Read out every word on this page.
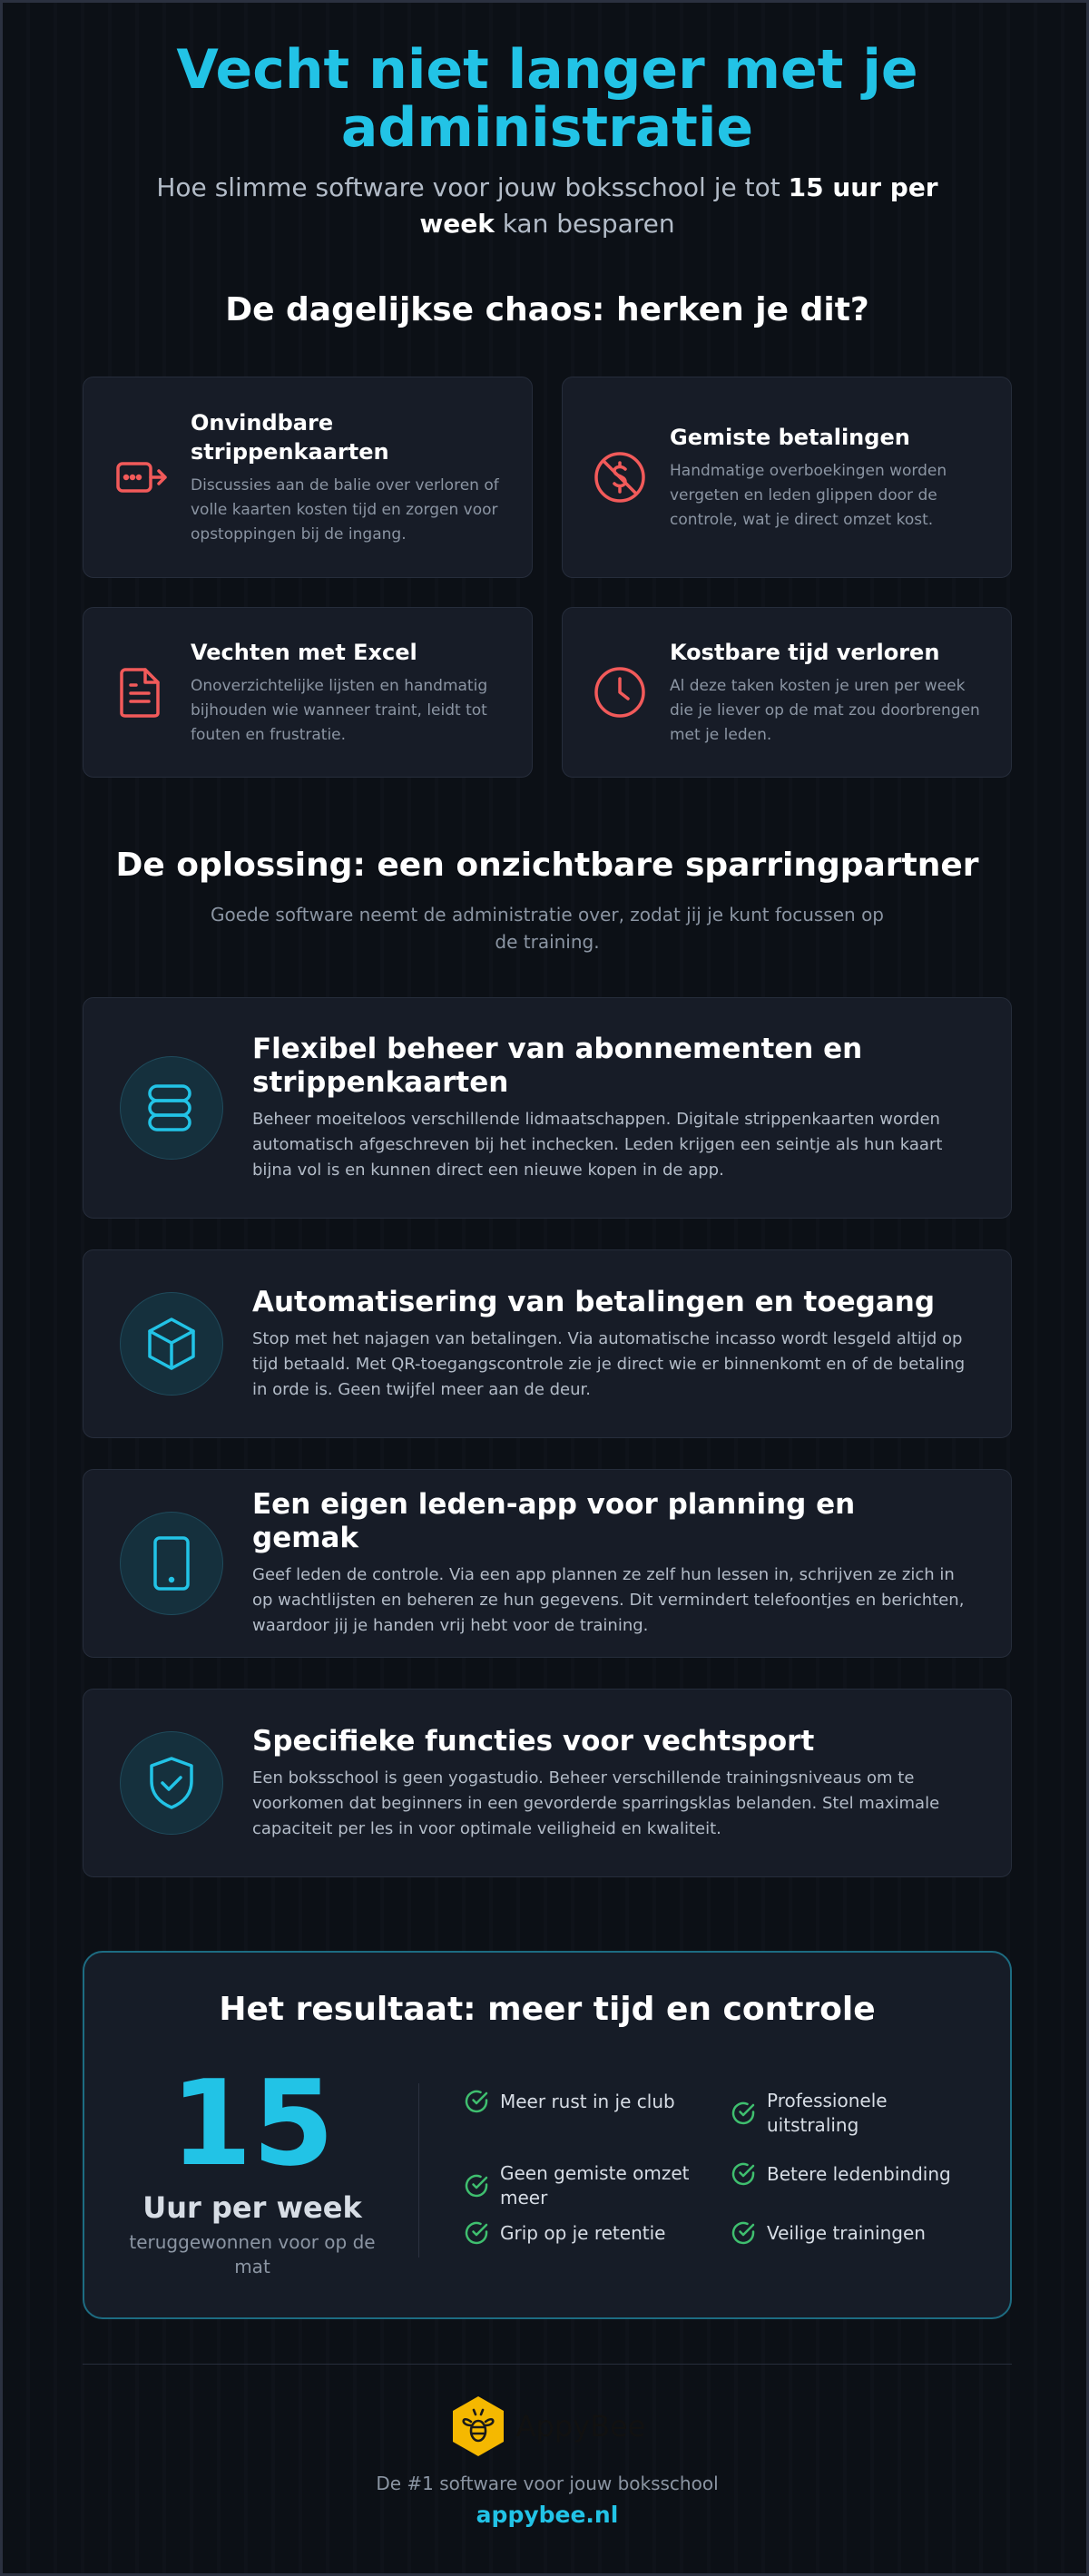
Vecht niet langer met je administratie

Hoe slimme software voor jouw boksschool je tot 15 uur per week kan besparen

De dagelijkse chaos: herken je dit?
Onvindbare strippenkaarten
Discussies aan de balie over verloren of volle kaarten kosten tijd en zorgen voor opstoppingen bij de ingang.
Gemiste betalingen
Handmatige overboekingen worden vergeten en leden glippen door de controle, wat je direct omzet kost.
Vechten met Excel
Onoverzichtelijke lijsten en handmatig bijhouden wie wanneer traint, leidt tot fouten en frustratie.
Kostbare tijd verloren
Al deze taken kosten je uren per week die je liever op de mat zou doorbrengen met je leden.
De oplossing: een onzichtbare sparringpartner

Goede software neemt de administratie over, zodat jij je kunt focussen op de training.

Flexibel beheer van abonnementen en strippenkaarten
Beheer moeiteloos verschillende lidmaatschappen. Digitale strippenkaarten worden automatisch afgeschreven bij het inchecken. Leden krijgen een seintje als hun kaart bijna vol is en kunnen direct een nieuwe kopen in de app.
Automatisering van betalingen en toegang
Stop met het najagen van betalingen. Via automatische incasso wordt lesgeld altijd op tijd betaald. Met QR-toegangscontrole zie je direct wie er binnenkomt en of de betaling in orde is. Geen twijfel meer aan de deur.
Een eigen leden-app voor planning en gemak
Geef leden de controle. Via een app plannen ze zelf hun lessen in, schrijven ze zich in op wachtlijsten en beheren ze hun gegevens. Dit vermindert telefoontjes en berichten, waardoor jij je handen vrij hebt voor de training.
Specifieke functies voor vechtsport
Een boksschool is geen yogastudio. Beheer verschillende trainingsniveaus om te voorkomen dat beginners in een gevorderde sparringsklas belanden. Stel maximale capaciteit per les in voor optimale veiligheid en kwaliteit.
Het resultaat: meer tijd en controle
15
Uur per week
teruggewonnen voor op de mat
Meer rust in je club	Professionele uitstraling
Geen gemiste omzet meer
Betere ledenbinding
Grip op je retentie	Veilige trainingen
AppyBee
De #1 software voor jouw boksschool
appybee.nl
